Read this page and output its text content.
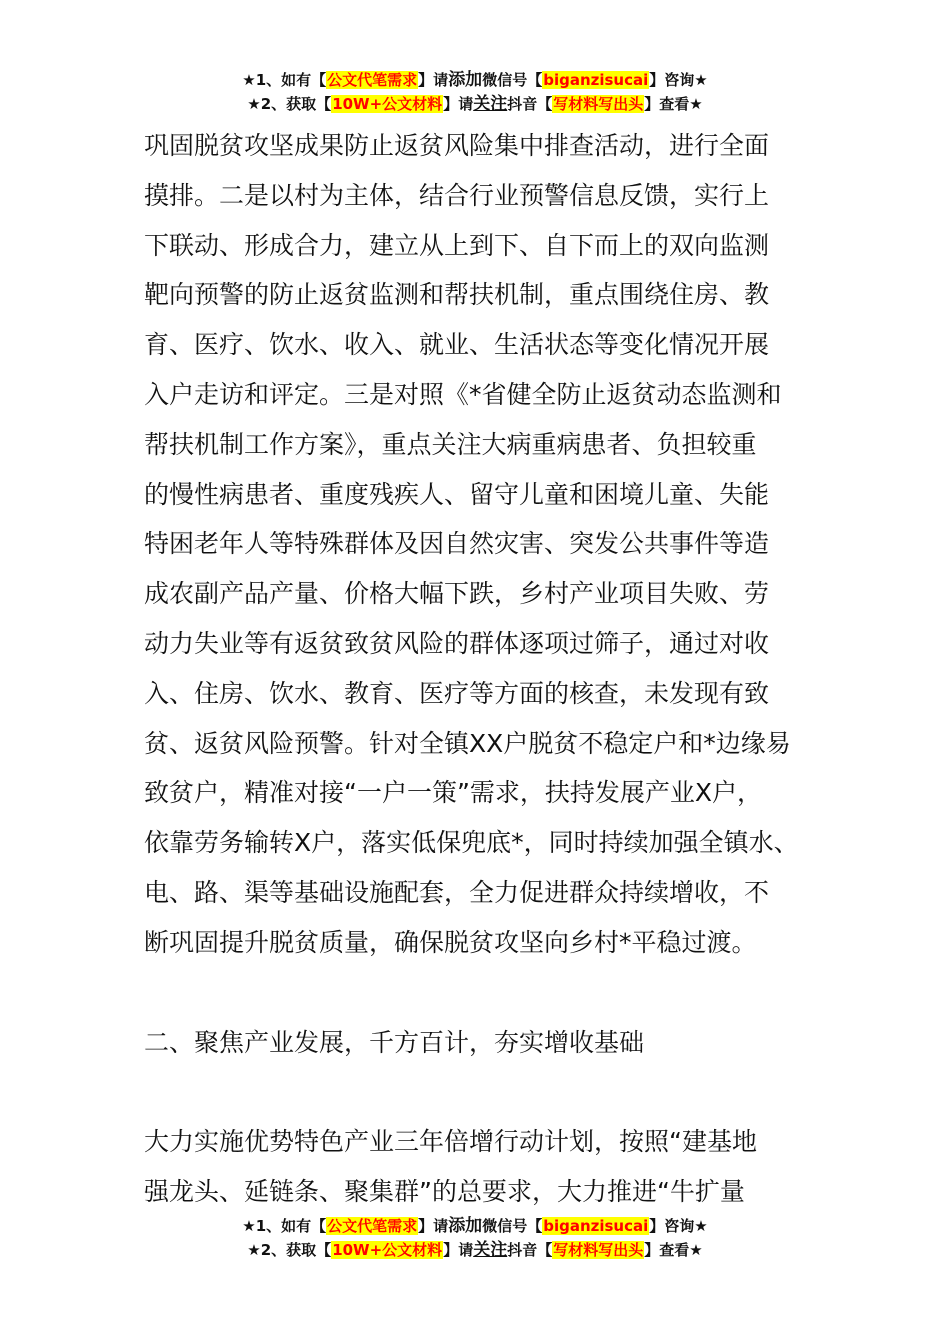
★1、如有【公文代笔需求】请添加微信号【biganzisucai】咨询★
★2、获取【10W+公文材料】请关注抖音【写材料写出头】查看★

巩固脱贫攻坚成果防止返贫风险集中排查活动，进行全面

摸排。二是以村为主体，结合行业预警信息反馈，实行上

下联动、形成合力，建立从上到下、自下而上的双向监测

靶向预警的防止返贫监测和帮扶机制，重点围绕住房、教

育、医疗、饮水、收入、就业、生活状态等变化情况开展

入户走访和评定。三是对照《*省健全防止返贫动态监测和

帮扶机制工作方案》，重点关注大病重病患者、负担较重

的慢性病患者、重度残疾人、留守儿童和困境儿童、失能

特困老年人等特殊群体及因自然灾害、突发公共事件等造

成农副产品产量、价格大幅下跌，乡村产业项目失败、劳

动力失业等有返贫致贫风险的群体逐项过筛子，通过对收

入、住房、饮水、教育、医疗等方面的核查，未发现有致

贫、返贫风险预警。针对全镇XX户脱贫不稳定户和*边缘易

致贫户，精准对接“一户一策”需求，扶持发展产业X户，

依靠劳务输转X户，落实低保兜底*，同时持续加强全镇水、

电、路、渠等基础设施配套，全力促进群众持续增收，不

断巩固提升脱贫质量，确保脱贫攻坚向乡村*平稳过渡。

二、聚焦产业发展，千方百计，夯实增收基础

大力实施优势特色产业三年倍增行动计划，按照“建基地

强龙头、延链条、聚集群”的总要求，大力推进“牛扩量

★1、如有【公文代笔需求】请添加微信号【biganzisucai】咨询★
★2、获取【10W+公文材料】请关注抖音【写材料写出头】查看★
